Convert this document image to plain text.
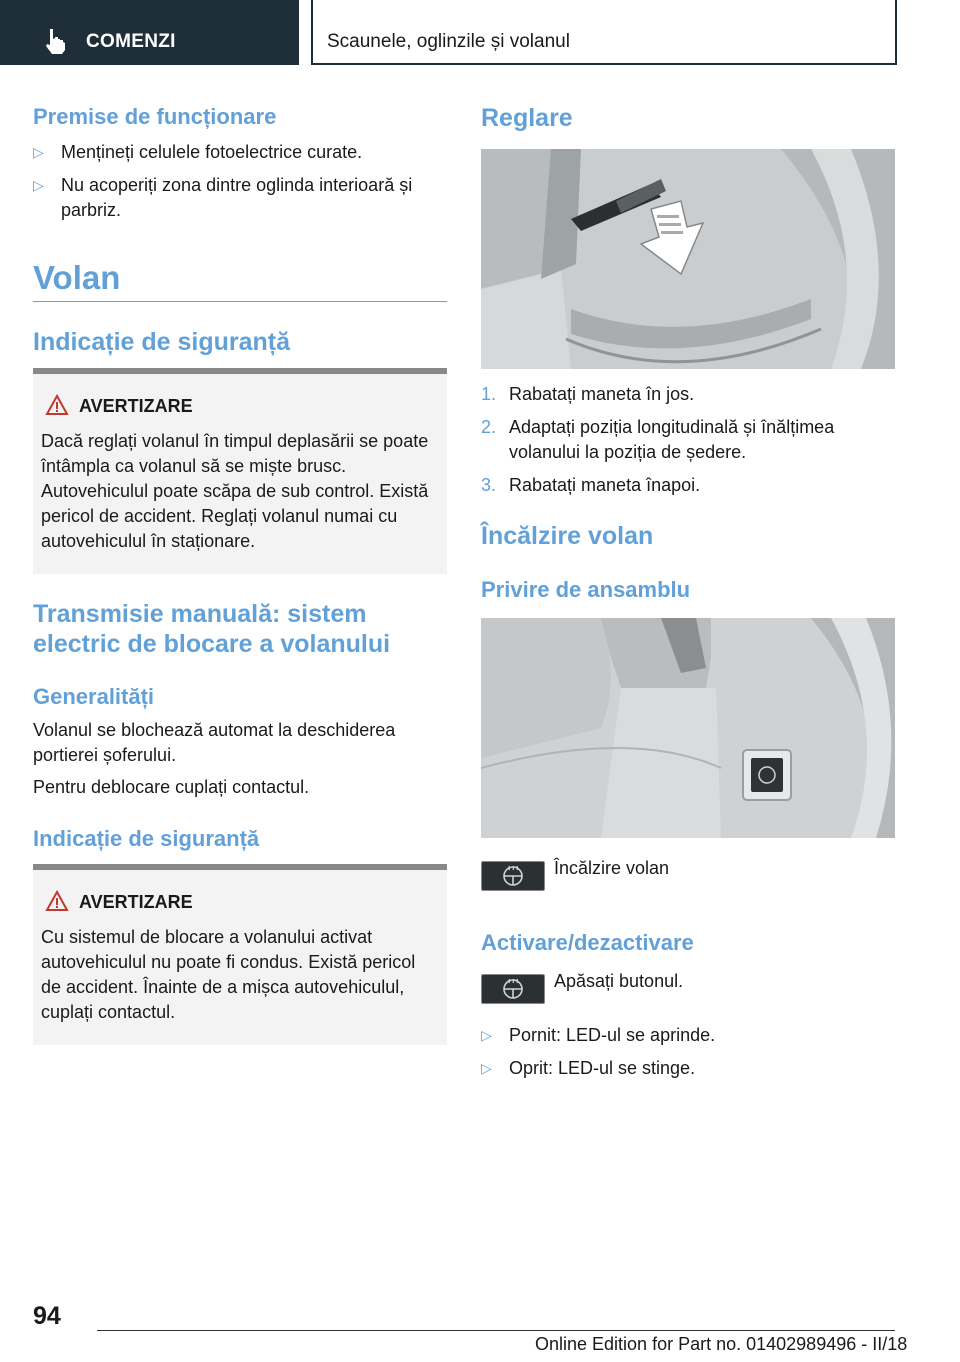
COMENZI	Scaunele, oglinzile și volanul
Premise de funcționare
▷ Mențineți celulele fotoelectrice curate.
▷ Nu acoperiți zona dintre oglinda interioară și parbriz.
Volan
Indicație de siguranță
AVERTIZARE
Dacă reglați volanul în timpul deplasării se poate întâmpla ca volanul să se miște brusc. Autovehiculul poate scăpa de sub control. Există pericol de accident. Reglați volanul numai cu autovehiculul în staționare.
Transmisie manuală: sistem electric de blocare a volanului
Generalități
Volanul se blochează automat la deschiderea portierei șoferului.
Pentru deblocare cuplați contactul.
Indicație de siguranță
AVERTIZARE
Cu sistemul de blocare a volanului activat autovehiculul nu poate fi condus. Există pericol de accident. Înainte de a mișca autovehiculul, cuplați contactul.
Reglare
1. Rabatați maneta în jos.
2. Adaptați poziția longitudinală și înălțimea volanului la poziția de ședere.
3. Rabatați maneta înapoi.
Încălzire volan
Privire de ansamblu
Încălzire volan
Activare/dezactivare
Apăsați butonul.
▷ Pornit: LED-ul se aprinde.
▷ Oprit: LED-ul se stinge.
94
Online Edition for Part no. 01402989496 - II/18
